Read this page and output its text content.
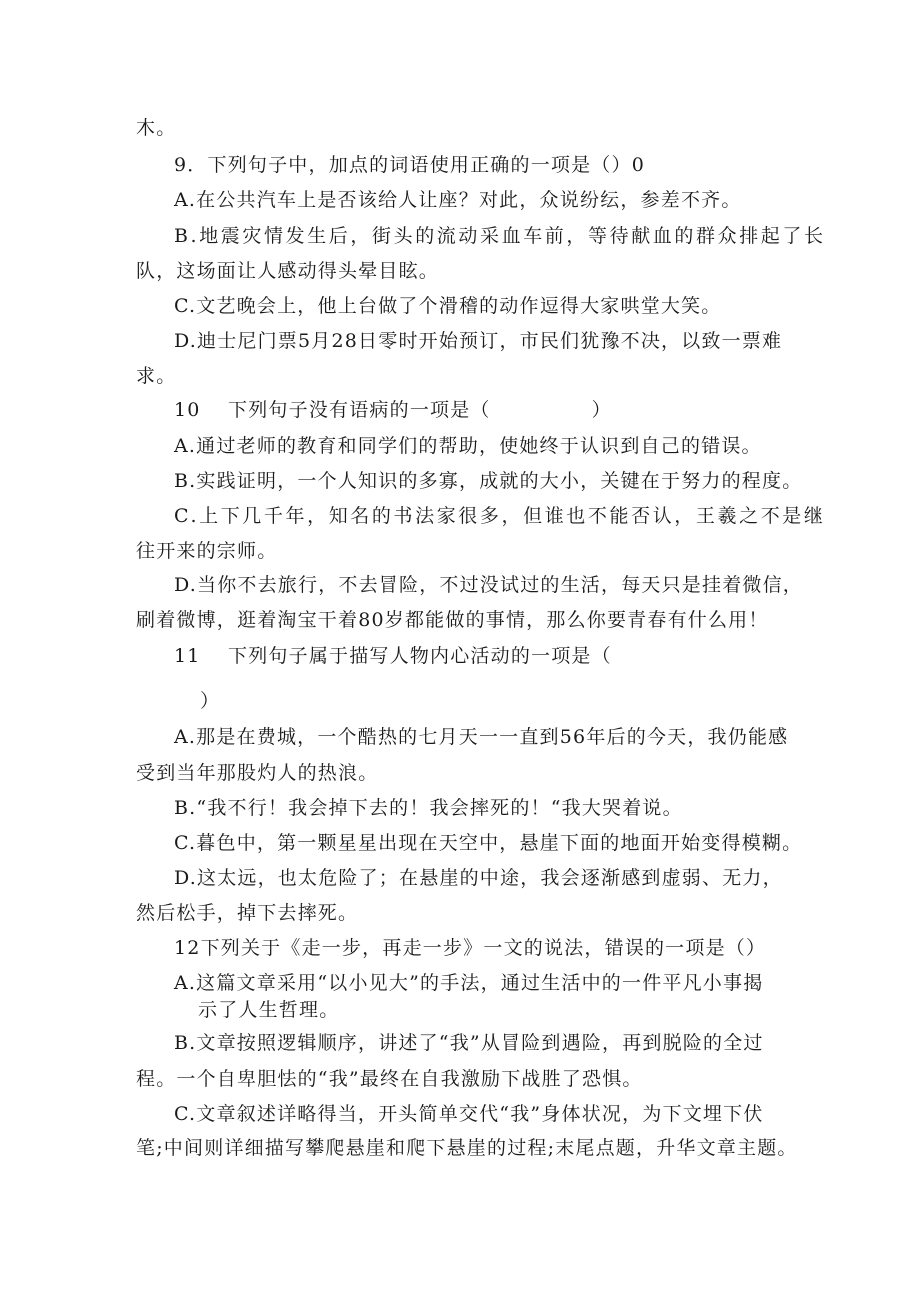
木。
9．下列句子中，加点的词语使用正确的一项是（）0
A.在公共汽车上是否该给人让座？对此，众说纷纭，参差不齐。
B.地震灾情发生后，街头的流动采血车前，等待献血的群众排起了长
队，这场面让人感动得头晕目眩。
C.文艺晚会上，他上台做了个滑稽的动作逗得大家哄堂大笑。
D.迪士尼门票5月28日零时开始预订，市民们犹豫不决，以致一票难
求。
10　 下列句子没有语病的一项是（　　　　　）
A.通过老师的教育和同学们的帮助，使她终于认识到自己的错误。
B.实践证明，一个人知识的多寡，成就的大小，关键在于努力的程度。
C.上下几千年，知名的书法家很多，但谁也不能否认，王羲之不是继
往开来的宗师。
D.当你不去旅行，不去冒险，不过没试过的生活，每天只是挂着微信，
刷着微博，逛着淘宝干着80岁都能做的事情，那么你要青春有什么用！
11　 下列句子属于描写人物内心活动的一项是（
）
A.那是在费城，一个酷热的七月天一一直到56年后的今天，我仍能感
受到当年那股灼人的热浪。
B.“我不行！我会掉下去的！我会摔死的！“我大哭着说。
C.暮色中，第一颗星星出现在天空中，悬崖下面的地面开始变得模糊。
D.这太远，也太危险了；在悬崖的中途，我会逐渐感到虚弱、无力，
然后松手，掉下去摔死。
12下列关于《走一步，再走一步》一文的说法，错误的一项是（）
A.这篇文章采用“以小见大”的手法，通过生活中的一件平凡小事揭
示了人生哲理。
B.文章按照逻辑顺序，讲述了“我”从冒险到遇险，再到脱险的全过
程。一个自卑胆怯的“我”最终在自我激励下战胜了恐惧。
C.文章叙述详略得当，开头简单交代“我”身体状况，为下文埋下伏
笔;中间则详细描写攀爬悬崖和爬下悬崖的过程;末尾点题，升华文章主题。
